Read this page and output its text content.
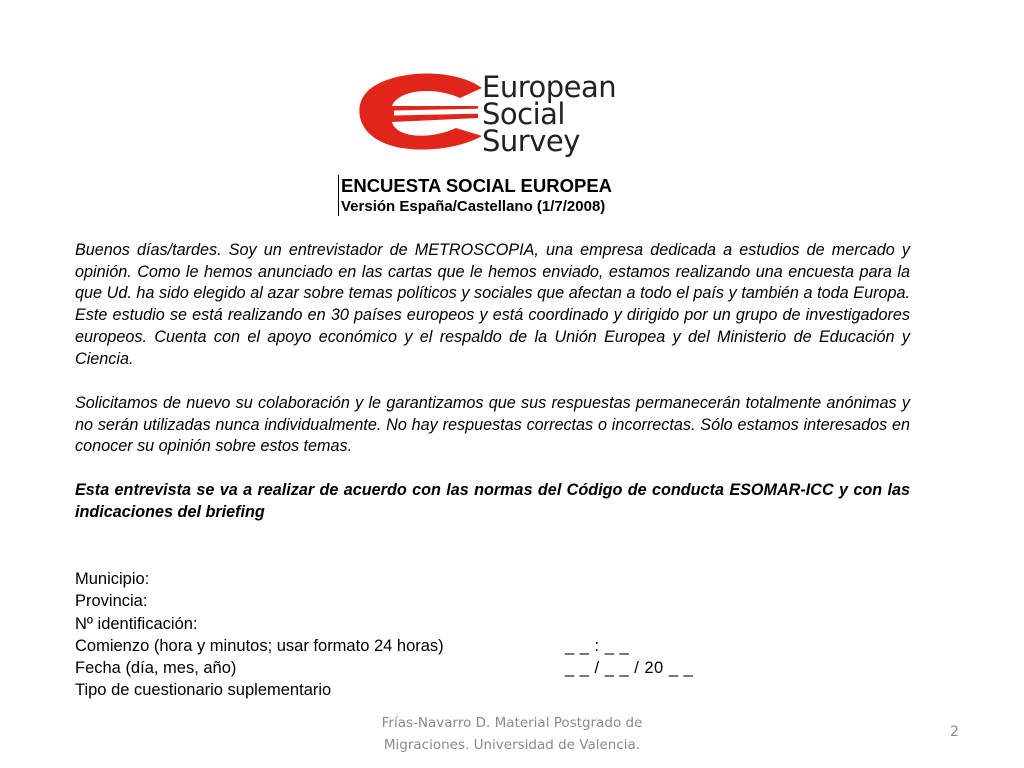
European
Social
Survey
ENCUESTA SOCIAL EUROPEA
Versión España/Castellano (1/7/2008)

Buenos días/tardes. Soy un entrevistador de METROSCOPIA, una empresa dedicada a estudios de mercado y opinión. Como le hemos anunciado en las cartas que le hemos enviado, estamos realizando una encuesta para la que Ud. ha sido elegido al azar sobre temas políticos y sociales que afectan a todo el país y también a toda Europa. Este estudio se está realizando en 30 países europeos y está coordinado y dirigido por un grupo de investigadores europeos. Cuenta con el apoyo económico y el respaldo de la Unión Europea y del Ministerio de Educación y Ciencia.

Solicitamos de nuevo su colaboración y le garantizamos que sus respuestas permanecerán totalmente anónimas y no serán utilizadas nunca individualmente. No hay respuestas correctas o incorrectas. Sólo estamos interesados en conocer su opinión sobre estos temas.

Esta entrevista se va a realizar de acuerdo con las normas del Código de conducta ESOMAR-ICC y con las indicaciones del briefing

Municipio:
Provincia:
Nº identificación:
Comienzo (hora y minutos; usar formato 24 horas)	_ _ : _ _
Fecha (día, mes, año)	_ _ / _ _ / 20 _ _
Tipo de cuestionario suplementario
Frías-Navarro D. Material Postgrado de
Migraciones. Universidad de Valencia.
2
